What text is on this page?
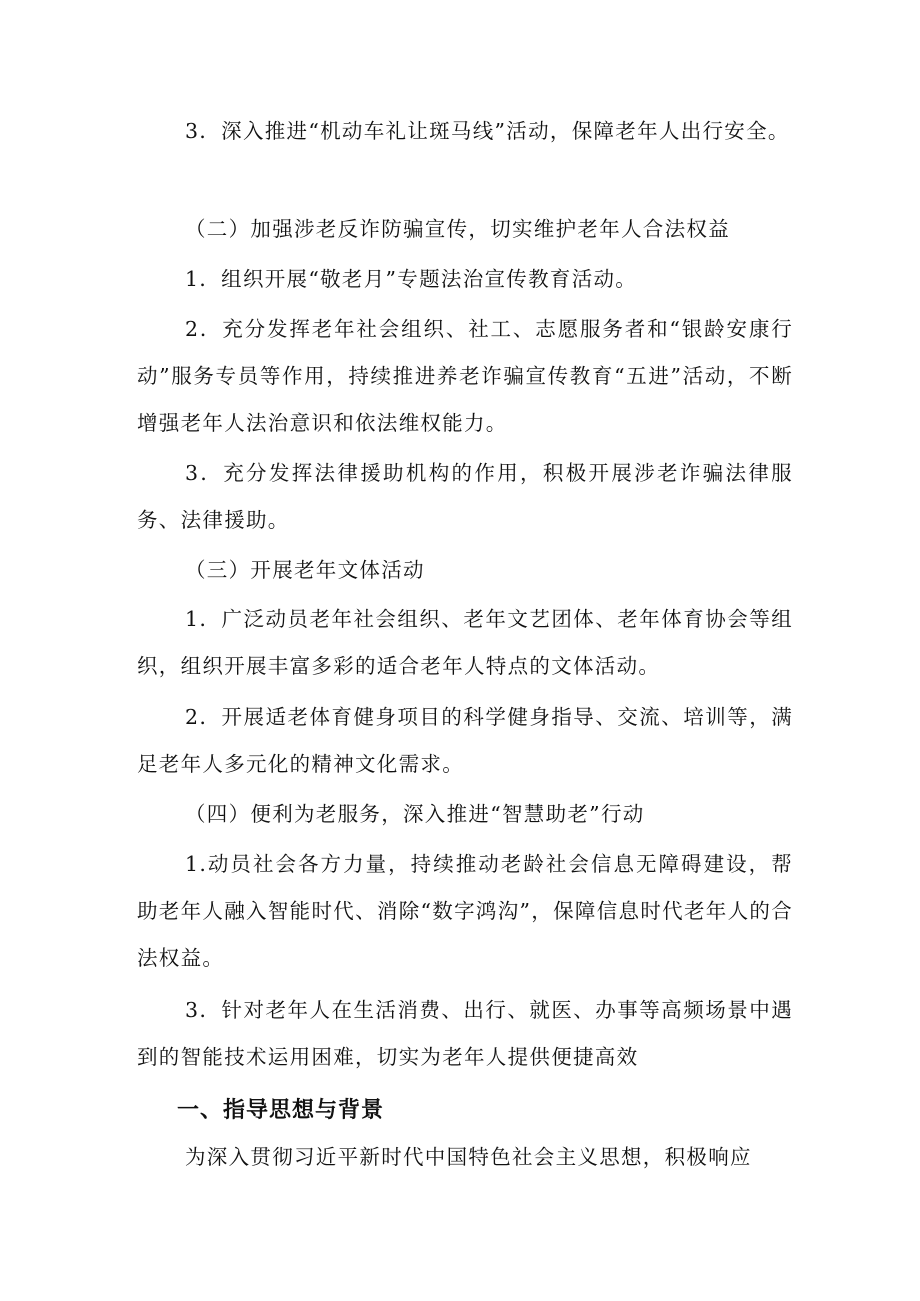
3．深入推进“机动车礼让斑马线”活动，保障老年人出行安全。

（二）加强涉老反诈防骗宣传，切实维护老年人合法权益

1．组织开展“敬老月”专题法治宣传教育活动。

2．充分发挥老年社会组织、社工、志愿服务者和“银龄安康行动”服务专员等作用，持续推进养老诈骗宣传教育“五进”活动，不断增强老年人法治意识和依法维权能力。

3．充分发挥法律援助机构的作用，积极开展涉老诈骗法律服务、法律援助。

（三）开展老年文体活动

1．广泛动员老年社会组织、老年文艺团体、老年体育协会等组织，组织开展丰富多彩的适合老年人特点的文体活动。

2．开展适老体育健身项目的科学健身指导、交流、培训等，满足老年人多元化的精神文化需求。

（四）便利为老服务，深入推进“智慧助老”行动

1.动员社会各方力量，持续推动老龄社会信息无障碍建设，帮助老年人融入智能时代、消除“数字鸿沟”，保障信息时代老年人的合法权益。

3．针对老年人在生活消费、出行、就医、办事等高频场景中遇到的智能技术运用困难，切实为老年人提供便捷高效

一、指导思想与背景

为深入贯彻习近平新时代中国特色社会主义思想，积极响应
